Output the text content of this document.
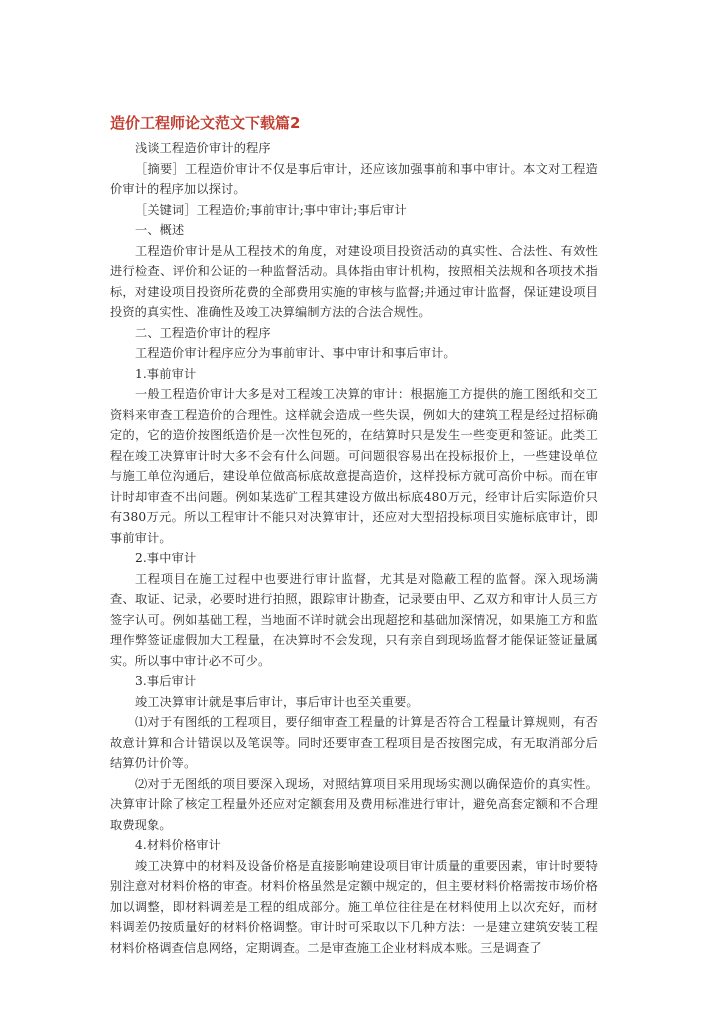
造价工程师论文范文下载篇2

浅谈工程造价审计的程序

［摘要］工程造价审计不仅是事后审计，还应该加强事前和事中审计。本文对工程造价审计的程序加以探讨。

［关键词］工程造价;事前审计;事中审计;事后审计

一、概述

工程造价审计是从工程技术的角度，对建设项目投资活动的真实性、合法性、有效性进行检查、评价和公证的一种监督活动。具体指由审计机构，按照相关法规和各项技术指标，对建设项目投资所花费的全部费用实施的审核与监督;并通过审计监督，保证建设项目投资的真实性、准确性及竣工决算编制方法的合法合规性。

二、工程造价审计的程序

工程造价审计程序应分为事前审计、事中审计和事后审计。

1.事前审计

一般工程造价审计大多是对工程竣工决算的审计：根据施工方提供的施工图纸和交工资料来审查工程造价的合理性。这样就会造成一些失误，例如大的建筑工程是经过招标确定的，它的造价按图纸造价是一次性包死的，在结算时只是发生一些变更和签证。此类工程在竣工决算审计时大多不会有什么问题。可问题很容易出在投标报价上，一些建设单位与施工单位沟通后，建设单位做高标底故意提高造价，这样投标方就可高价中标。而在审计时却审查不出问题。例如某选矿工程其建设方做出标底480万元，经审计后实际造价只有380万元。所以工程审计不能只对决算审计，还应对大型招投标项目实施标底审计，即事前审计。

2.事中审计

工程项目在施工过程中也要进行审计监督，尤其是对隐蔽工程的监督。深入现场满查、取证、记录，必要时进行拍照，跟踪审计勘查，记录要由甲、乙双方和审计人员三方签字认可。例如基础工程，当地面不详时就会出现超挖和基础加深情况，如果施工方和监理作弊签证虚假加大工程量，在决算时不会发现，只有亲自到现场监督才能保证签证量属实。所以事中审计必不可少。

3.事后审计

竣工决算审计就是事后审计，事后审计也至关重要。

⑴对于有图纸的工程项目，要仔细审查工程量的计算是否符合工程量计算规则，有否故意计算和合计错误以及笔误等。同时还要审查工程项目是否按图完成，有无取消部分后结算仍计价等。

⑵对于无图纸的项目要深入现场，对照结算项目采用现场实测以确保造价的真实性。决算审计除了核定工程量外还应对定额套用及费用标准进行审计，避免高套定额和不合理取费现象。

4.材料价格审计

竣工决算中的材料及设备价格是直接影响建设项目审计质量的重要因素，审计时要特别注意对材料价格的审查。材料价格虽然是定额中规定的，但主要材料价格需按市场价格加以调整，即材料调差是工程的组成部分。施工单位往往是在材料使用上以次充好，而材料调差仍按质量好的材料价格调整。审计时可采取以下几种方法：一是建立建筑安装工程材料价格调查信息网络，定期调查。二是审查施工企业材料成本账。三是调查了
